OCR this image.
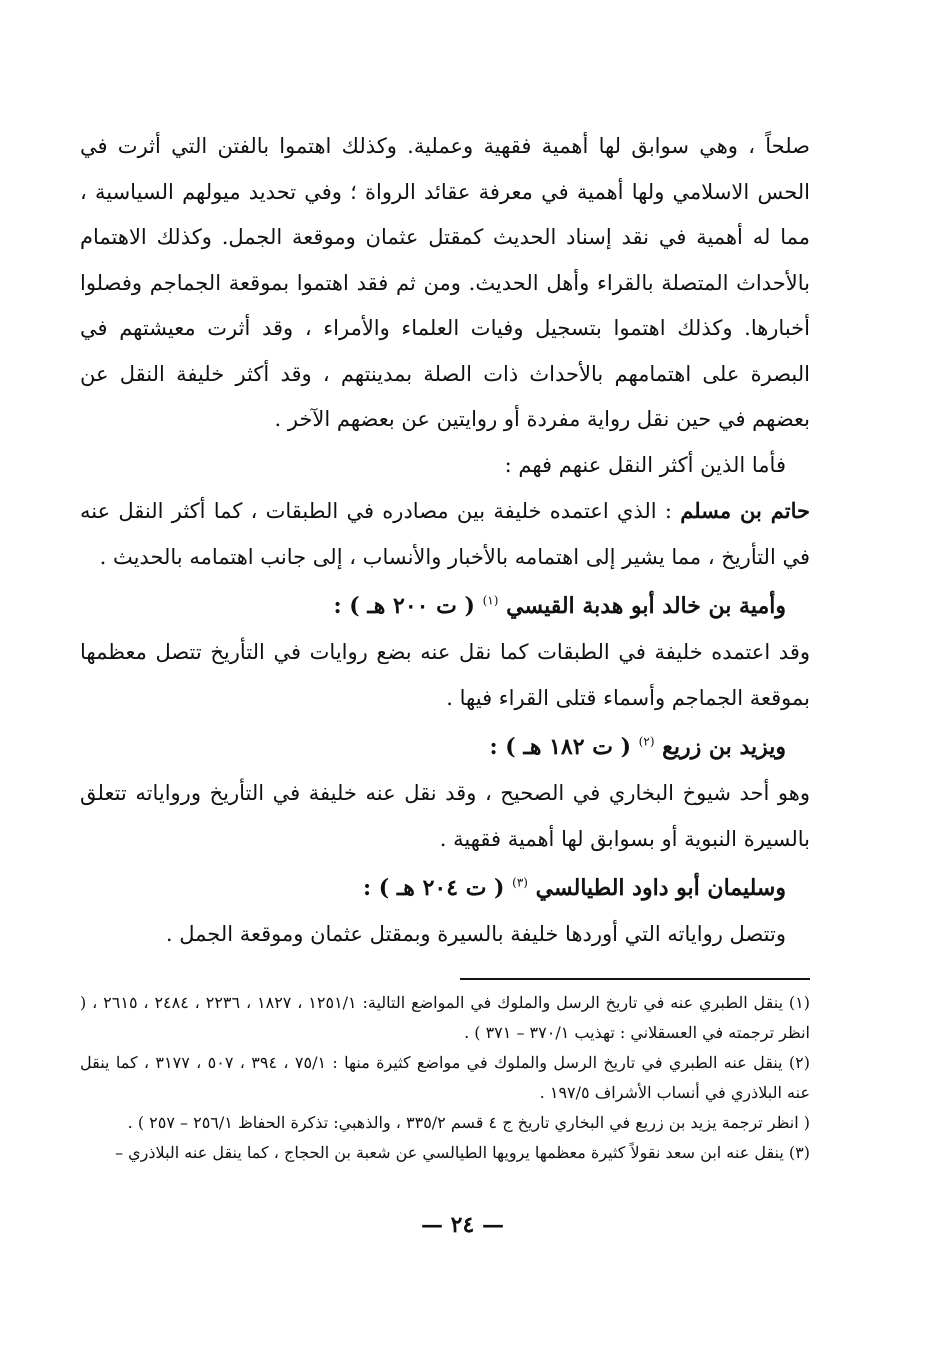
صلحاً ، وهي سوابق لها أهمية فقهية وعملية. وكذلك اهتموا بالفتن التي أثرت في الحس الاسلامي ولها أهمية في معرفة عقائد الرواة ؛ وفي تحديد ميولهم السياسية ، مما له أهمية في نقد إسناد الحديث كمقتل عثمان وموقعة الجمل. وكذلك الاهتمام بالأحداث المتصلة بالقراء وأهل الحديث. ومن ثم فقد اهتموا بموقعة الجماجم وفصلوا أخبارها. وكذلك اهتموا بتسجيل وفيات العلماء والأمراء ، وقد أثرت معيشتهم في البصرة على اهتمامهم بالأحداث ذات الصلة بمدينتهم ، وقد أكثر خليفة النقل عن بعضهم في حين نقل رواية مفردة أو روايتين عن بعضهم الآخر .

فأما الذين أكثر النقل عنهم فهم :

حاتم بن مسلم : الذي اعتمده خليفة بين مصادره في الطبقات ، كما أكثر النقل عنه في التأريخ ، مما يشير إلى اهتمامه بالأخبار والأنساب ، إلى جانب اهتمامه بالحديث .

وأمية بن خالد أبو هدبة القيسي $^{(١)}$ ( ت ٢٠٠ هـ ) :

وقد اعتمده خليفة في الطبقات كما نقل عنه بضع روايات في التأريخ تتصل معظمها بموقعة الجماجم وأسماء قتلى القراء فيها .

ويزيد بن زريع $^{(٢)}$ ( ت ١٨٢ هـ ) :

وهو أحد شيوخ البخاري في الصحيح ، وقد نقل عنه خليفة في التأريخ ورواياته تتعلق بالسيرة النبوية أو بسوابق لها أهمية فقهية .

وسليمان أبو داود الطيالسي $^{(٣)}$ ( ت ٢٠٤ هـ ) :

وتتصل رواياته التي أوردها خليفة بالسيرة وبمقتل عثمان وموقعة الجمل .

(١) ينقل الطبري عنه في تاريخ الرسل والملوك في المواضع التالية: ١٢٥١/١ ، ١٨٢٧ ، ٢٢٣٦ ، ٢٤٨٤ ، ٢٦١٥ ، ( انظر ترجمته في العسقلاني : تهذيب ٣٧٠/١ – ٣٧١ ) .

(٢) ينقل عنه الطبري في تاريخ الرسل والملوك في مواضع كثيرة منها : ٧٥/١ ، ٣٩٤ ، ٥٠٧ ، ٣١٧٧ ، كما ينقل عنه البلاذري في أنساب الأشراف ١٩٧/٥ .

( انظر ترجمة يزيد بن زريع في البخاري تاريخ ج ٤ قسم ٣٣٥/٢ ، والذهبي: تذكرة الحفاظ ٢٥٦/١ – ٢٥٧ ) .

(٣) ينقل عنه ابن سعد نقولاً كثيرة معظمها يرويها الطيالسي عن شعبة بن الحجاج ، كما ينقل عنه البلاذري –

— ٢٤ —
